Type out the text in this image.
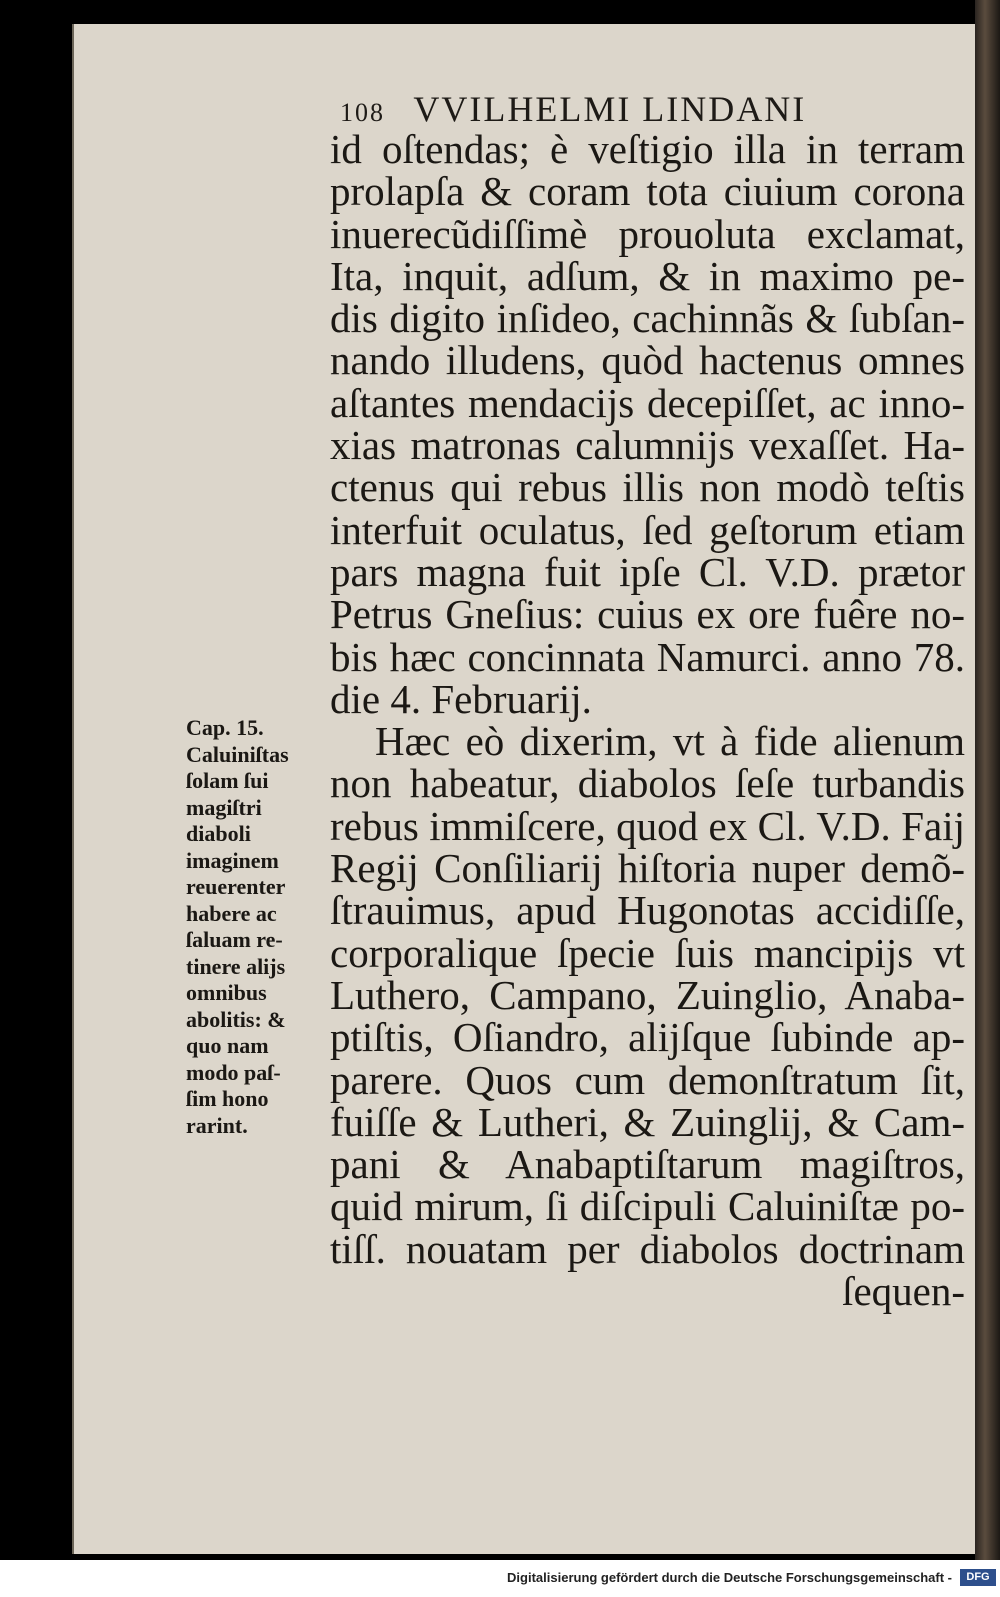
108 VVILHELMI LINDANI
id oſtendas; è veſtigio illa in terram
prolapſa & coram tota ciuium corona
inuerecũdiſſimè prouoluta exclamat,
Ita, inquit, adſum, & in maximo pe-
dis digito inſideo, cachinnãs & ſubſan-
nando illudens, quòd hactenus omnes
aſtantes mendacijs decepiſſet, ac inno-
xias matronas calumnijs vexaſſet. Ha-
ctenus qui rebus illis non modò teſtis
interfuit oculatus, ſed geſtorum etiam
pars magna fuit ipſe Cl. V.D. prætor
Petrus Gneſius: cuius ex ore fuêre no-
bis hæc concinnata Namurci. anno 78.
die 4. Februarij.
Hæc eò dixerim, vt à fide alienum
non habeatur, diabolos ſeſe turbandis
rebus immiſcere, quod ex Cl. V.D. Faij
Regij Conſiliarij hiſtoria nuper demõ-
ſtrauimus, apud Hugonotas accidiſſe,
corporalique ſpecie ſuis mancipijs vt
Luthero, Campano, Zuinglio, Anaba-
ptiſtis, Oſiandro, alijſque ſubinde ap-
parere. Quos cum demonſtratum ſit,
fuiſſe & Lutheri, & Zuinglij, & Cam-
pani & Anabaptiſtarum magiſtros,
quid mirum, ſi diſcipuli Caluiniſtæ po-
tiſſ. nouatam per diabolos doctrinam
ſequen-
Cap. 15.
Caluiniſtas
ſolam ſui
magiſtri
diaboli
imaginem
reuerenter
habere ac
ſaluam re-
tinere alijs
omnibus
abolitis: &
quo nam
modo paſ-
ſim hono
rarint.
Digitalisierung gefördert durch die Deutsche Forschungsgemeinschaft -	DFG
